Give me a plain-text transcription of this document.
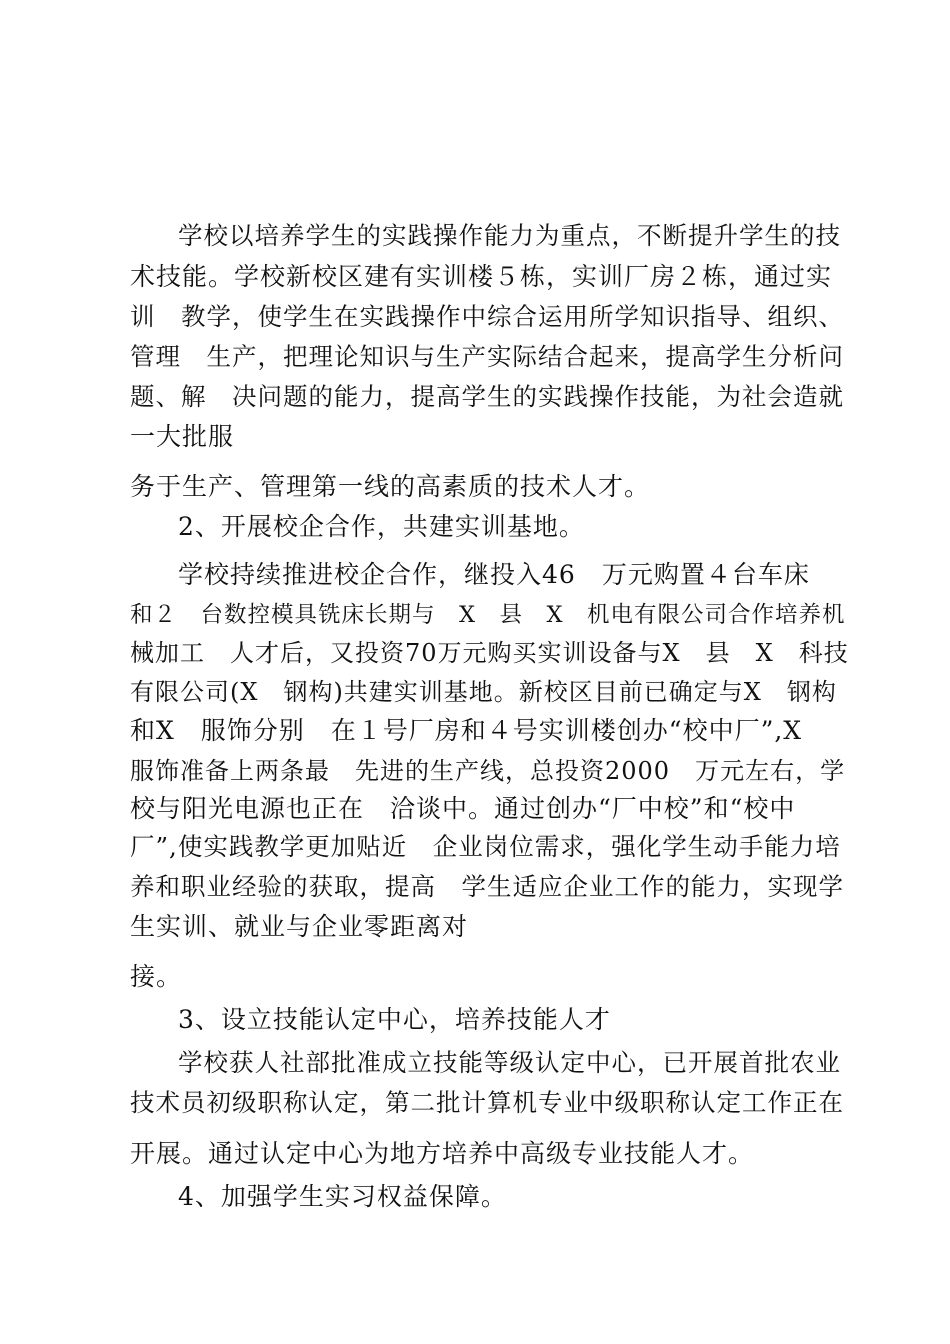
学校以培养学生的实践操作能力为重点，不断提升学生的技
术技能。学校新校区建有实训楼５栋，实训厂房２栋，通过实
训　教学，使学生在实践操作中综合运用所学知识指导、组织、
管理　生产，把理论知识与生产实际结合起来，提高学生分析问
题、解　决问题的能力，提高学生的实践操作技能，为社会造就
一大批服
务于生产、管理第一线的高素质的技术人才。
2、开展校企合作，共建实训基地。
学校持续推进校企合作，继投入46　万元购置４台车床
和２　台数控模具铣床长期与　X　县　X　机电有限公司合作培养机
械加工　人才后，又投资70万元购买实训设备与X　县　X　科技
有限公司(X　钢构)共建实训基地。新校区目前已确定与X　钢构
和X　服饰分别　在１号厂房和４号实训楼创办“校中厂”,X
服饰准备上两条最　先进的生产线，总投资2000　万元左右，学
校与阳光电源也正在　洽谈中。通过创办“厂中校”和“校中
厂”,使实践教学更加贴近　企业岗位需求，强化学生动手能力培
养和职业经验的获取，提高　学生适应企业工作的能力，实现学
生实训、就业与企业零距离对
接。
3、设立技能认定中心，培养技能人才
学校获人社部批准成立技能等级认定中心，已开展首批农业
技术员初级职称认定，第二批计算机专业中级职称认定工作正在
开展。通过认定中心为地方培养中高级专业技能人才。
4、加强学生实习权益保障。
